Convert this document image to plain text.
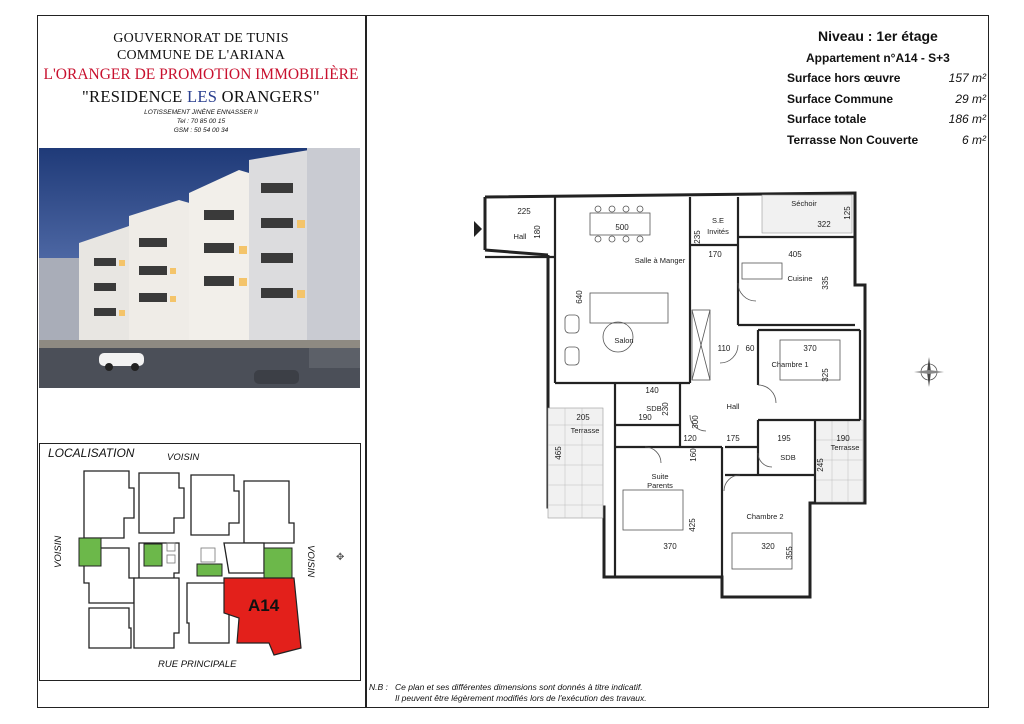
GOUVERNORAT DE TUNIS
COMMUNE DE L'ARIANA
L'ORANGER DE PROMOTION IMMOBILIÈRE
"RESIDENCE LES ORANGERS"
LOTISSEMENT JINÈNE ENNASSER II
Tel : 70 85 00 15
GSM : 50 54 00 34
LOCALISATION	VOISIN
VOISIN	VOISIN
RUE PRINCIPALE
✥
A14
Niveau : 1er étage
Appartement n°A14 - S+3
Surface hors œuvre	157 m²
Surface Commune	29 m²
Surface totale	186 m²
Terrasse Non Couverte	6 m²
Hall
Salle à Manger
Salon
S.E
Invités
Cuisine
Séchoir
Chambre 1
Hall
SDB
Terrasse
Terrasse
SDB
Suite
Parents
Chambre 2
225
180	500
235
170	405
335
322
125
640
110 60	370
325
140
190
230
300
205
465
120	175	195	190
245
160
425
370	320 355
N.B : Ce plan et ses différentes dimensions sont donnés à titre indicatif.
Il peuvent être légèrement modifiés lors de l'exécution des travaux.
